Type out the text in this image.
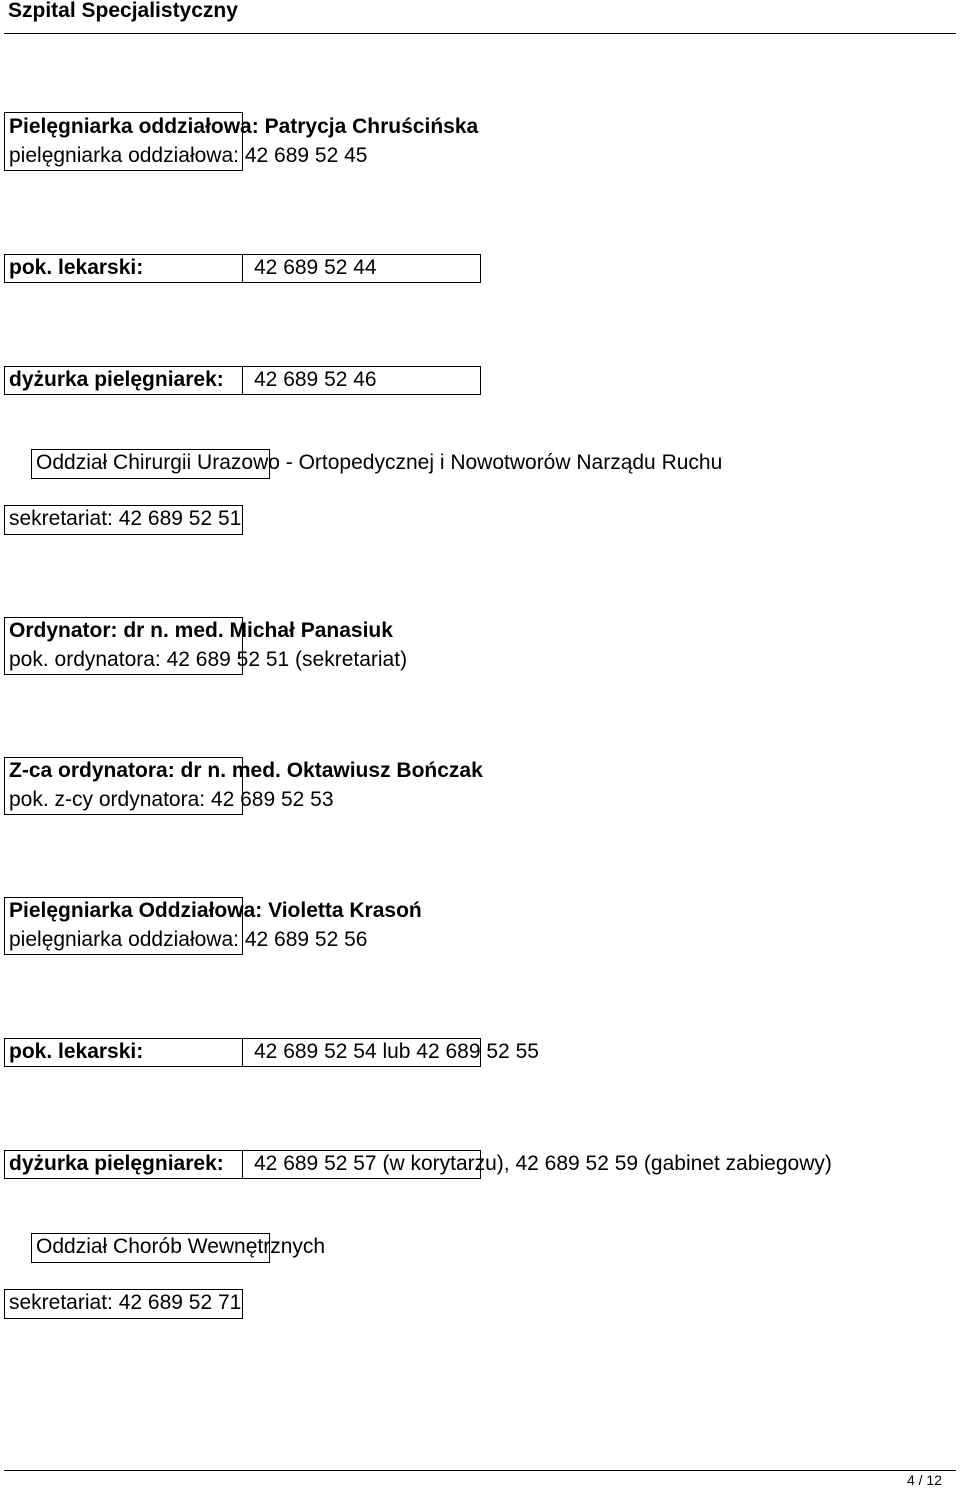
Szpital Specjalistyczny
Pielęgniarka oddziałowa: Patrycja Chruścińska
pielęgniarka oddziałowa: 42 689 52 45
pok. lekarski:	42 689 52 44
dyżurka pielęgniarek: 42 689 52 46
Oddział Chirurgii Urazowo - Ortopedycznej i Nowotworów Narządu Ruchu
sekretariat: 42 689 52 51
Ordynator: dr n. med. Michał Panasiuk
pok. ordynatora: 42 689 52 51 (sekretariat)
Z-ca ordynatora: dr n. med. Oktawiusz Bończak
pok. z-cy ordynatora: 42 689 52 53
Pielęgniarka Oddziałowa: Violetta Krasoń
pielęgniarka oddziałowa: 42 689 52 56
pok. lekarski:	42 689 52 54 lub 42 689 52 55
dyżurka pielęgniarek: 42 689 52 57 (w korytarzu), 42 689 52 59 (gabinet zabiegowy)
Oddział Chorób Wewnętrznych
sekretariat: 42 689 52 71
4 / 12
